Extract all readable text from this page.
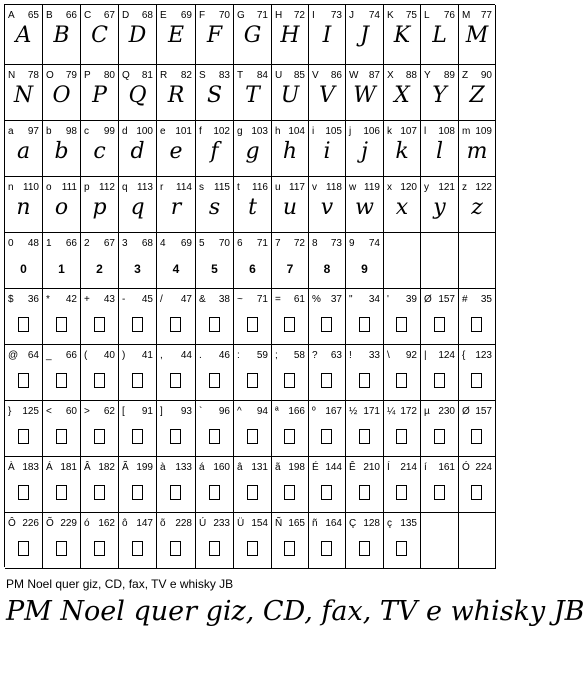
A 65
A
B 66
B
C 67
C
D 68
D
E 69
E
F 70
F
G 71
G
H 72
H
I 73
I
J 74
J
K 75
K
L 76
L
M 77
M
N 78
N
O 79
O
P 80
P
Q 81
Q
R 82
R
S 83
S
T 84
T
U 85
U
V 86
V
W 87
W
X 88
X
Y 89
Y
Z 90
Z
a 97
a
b 98
b
c 99
c
d 100
d
e 101
e
f 102
f
g 103
g
h 104
h
i 105
i
j 106
j
k 107
k
l 108
l
m 109
m
n 110
n
o 111
o
p 112
p
q 113
q
r 114
r
s 115
s
t 116
t
u 117
u
v 118
v
w 119
w
x 120
x
y 121
y
z 122
z
0 48
0
1 66
1
2 67
2
3 68
3
4 69
4
5 70
5
6 71
6
7 72
7
8 73
8
9 74
9
$ 36 * 42 + 43 - 45 / 47 & 38 ~ 71 = 61 % 37 " 34 ' 39 Ø 157 # 35
@ 64 _ 66 ( 40 ) 41 , 44 . 46 : 59 ; 58 ? 63 ! 33 \ 92 | 124 { 123
} 125 < 60 > 62 [ 91 ] 93 ` 96 ^ 94 ª 166 º 167 ½ 171 ¼ 172 µ 230 Ø 157
À 183 Á 181 Â 182 Ã 199 à 133 á 160 â 131 ã 198 É 144 Ê 210 Í 214 í 161 Ó 224
Ô 226 Õ 229 ó 162 ô 147 õ 228 Ú 233 Ü 154 Ñ 165 ñ 164 Ç 128 ç 135
PM Noel quer giz, CD, fax, TV e whisky JB
PM Noel quer giz, CD, fax, TV e whisky JB
